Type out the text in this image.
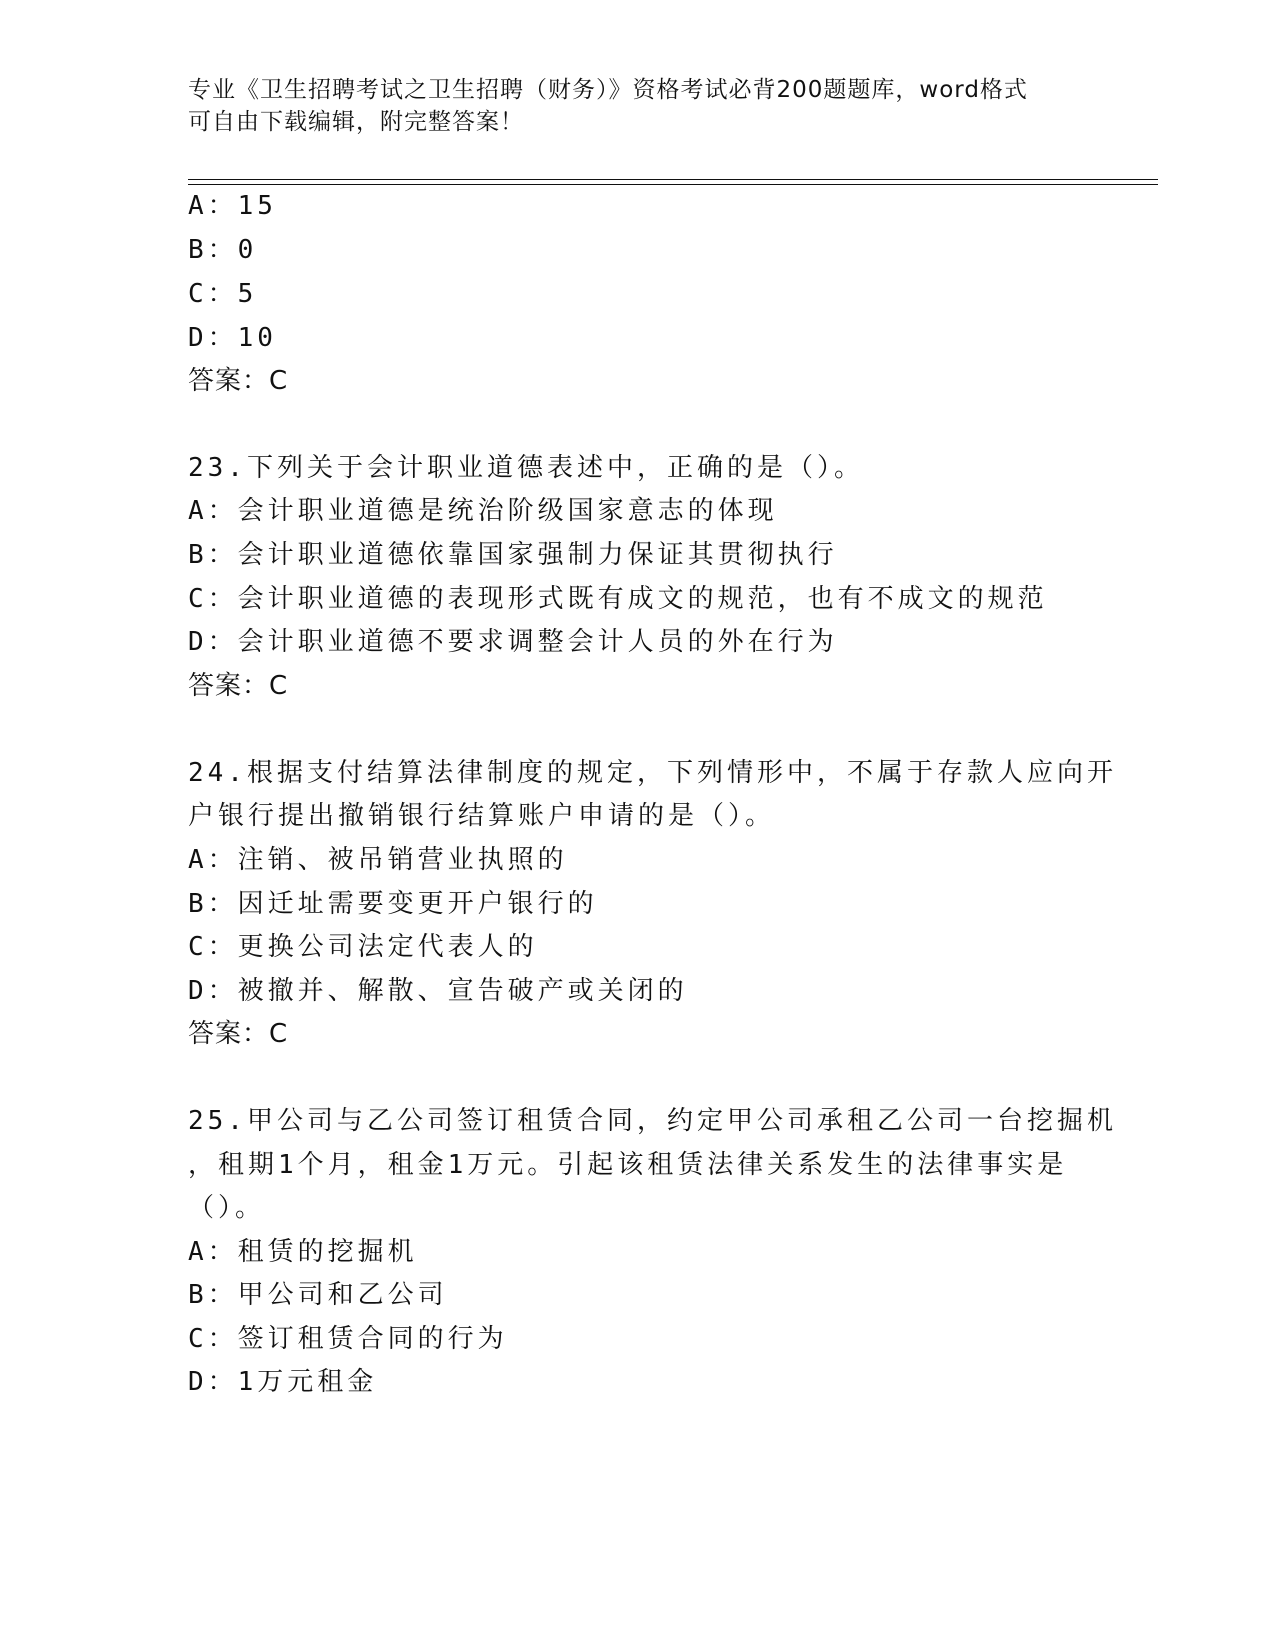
专业《卫生招聘考试之卫生招聘（财务）》资格考试必背200题题库，word格式
可自由下载编辑，附完整答案！
A：15
B：0
C：5
D：10
答案：C
23.下列关于会计职业道德表述中，正确的是（）。
A：会计职业道德是统治阶级国家意志的体现
B：会计职业道德依靠国家强制力保证其贯彻执行
C：会计职业道德的表现形式既有成文的规范，也有不成文的规范
D：会计职业道德不要求调整会计人员的外在行为
答案：C
24.根据支付结算法律制度的规定，下列情形中，不属于存款人应向开
户银行提出撤销银行结算账户申请的是（）。
A：注销、被吊销营业执照的
B：因迁址需要变更开户银行的
C：更换公司法定代表人的
D：被撤并、解散、宣告破产或关闭的
答案：C
25.甲公司与乙公司签订租赁合同，约定甲公司承租乙公司一台挖掘机
，租期1个月，租金1万元。引起该租赁法律关系发生的法律事实是
（）。
A：租赁的挖掘机
B：甲公司和乙公司
C：签订租赁合同的行为
D：1万元租金
